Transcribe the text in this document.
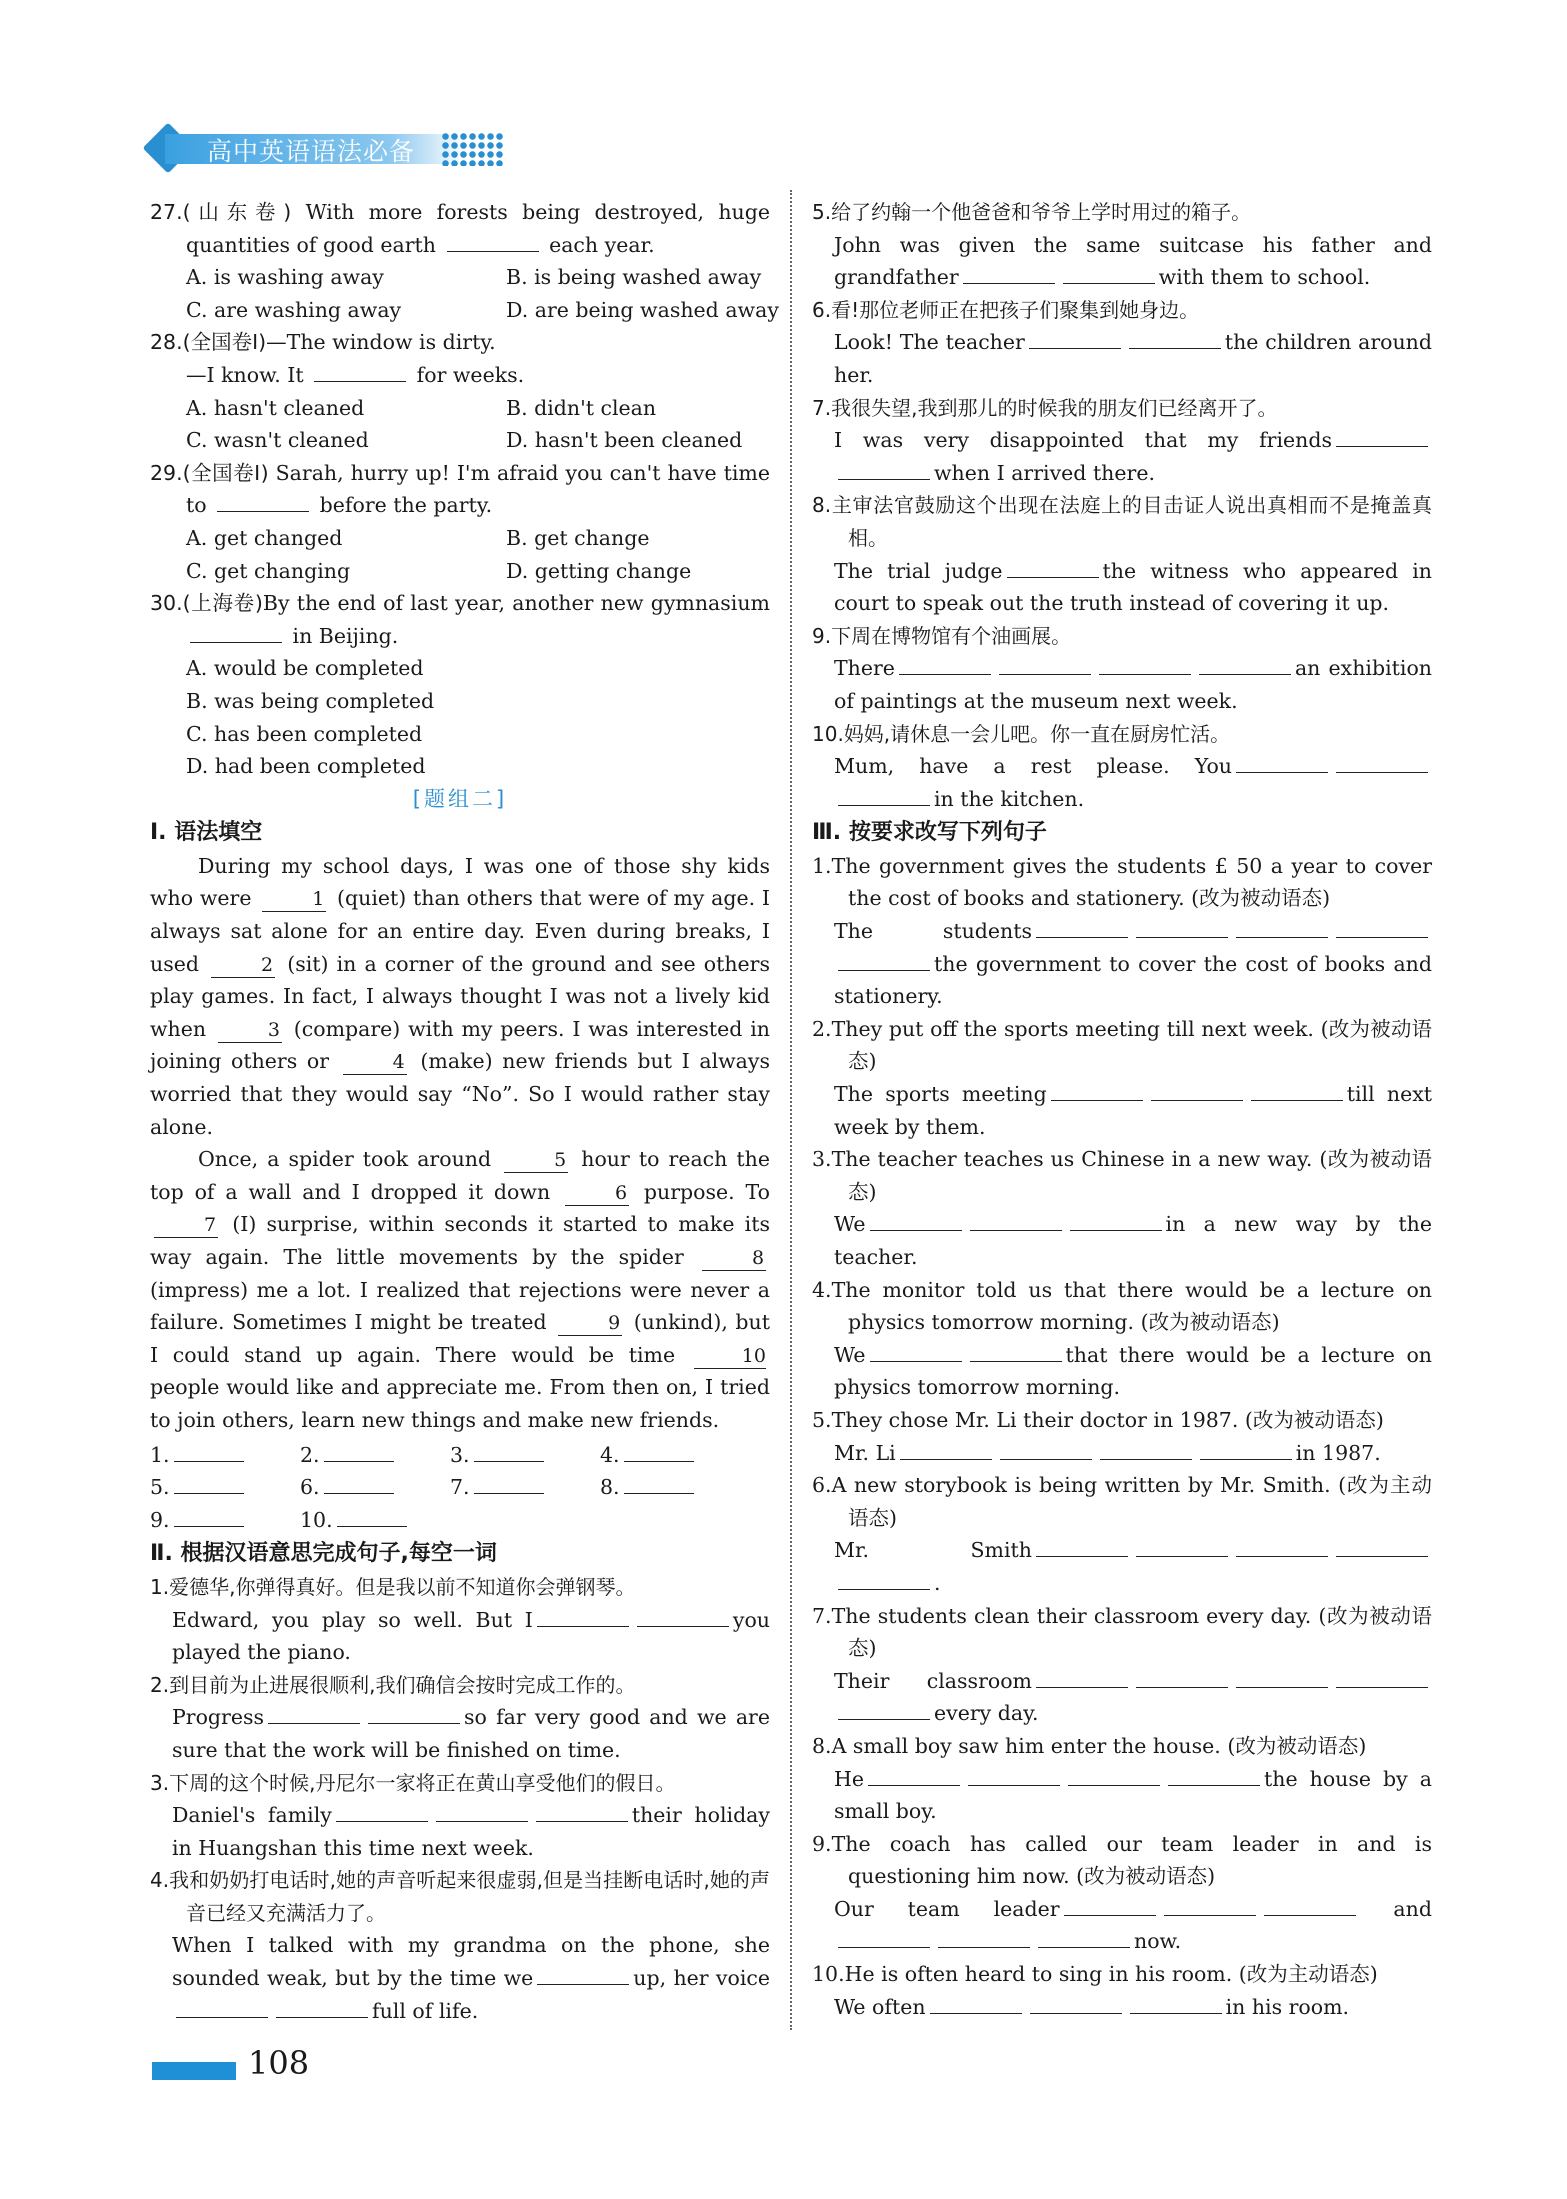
高中英语语法必备
27.(山东卷) With more forests being destroyed, huge quantities of good earth	each year.
A. is washing away	B. is being washed away
C. are washing away	D. are being washed away
28.(全国卷Ⅰ)—The window is dirty.
—I know. It	for weeks.
A. hasn't cleaned	B. didn't clean
C. wasn't cleaned	D. hasn't been cleaned
29.(全国卷Ⅰ) Sarah, hurry up! I'm afraid you can't have time to	before the party.
A. get changed	B. get change
C. get changing	D. getting change
30.(上海卷)By the end of last year, another new gymnasium  in Beijing.
A. would be completed
B. was being completed
C. has been completed
D. had been completed
[题组二]
Ⅰ. 语法填空
During my school days, I was one of those shy kids who were	1 (quiet) than others that were of my age. I always sat alone for an entire day. Even during breaks, I used	2 (sit) in a corner of the ground and see others play games. In fact, I always thought I was not a lively kid when	3 (compare) with my peers. I was interested in joining others or	4 (make) new friends but I always worried that they would say “No”. So I would rather stay alone.
Once, a spider took around	5 hour to reach the top of a wall and I dropped it down	6 purpose. To 7 (I) surprise, within seconds it started to make its way again. The little movements by the spider	8 (impress) me a lot. I realized that rejections were never a failure. Sometimes I might be treated	9 (unkind), but I could stand up again. There would be time	10 people would like and appreciate me. From then on, I tried to join others, learn new things and make new friends.
1.	2.	3.	4.
5.	6.	7.	8.
9.	10.
Ⅱ. 根据汉语意思完成句子,每空一词
1.爱德华,你弹得真好。但是我以前不知道你会弹钢琴。
Edward, you play so well. But I	you played the piano.
2.到目前为止进展很顺利,我们确信会按时完成工作的。
Progress	so far very good and we are sure that the work will be finished on time.
3.下周的这个时候,丹尼尔一家将正在黄山享受他们的假日。
Daniel's family	their holiday in Huangshan this time next week.
4.我和奶奶打电话时,她的声音听起来很虚弱,但是当挂断电话时,她的声音已经又充满活力了。
When I talked with my grandma on the phone, she sounded weak, but by the time we	up, her voicefull of life.
5.给了约翰一个他爸爸和爷爷上学时用过的箱子。
John was given the same suitcase his father and grandfather	with them to school.
6.看!那位老师正在把孩子们聚集到她身边。
Look! The teacher	the children around her.
7.我很失望,我到那儿的时候我的朋友们已经离开了。
I was very disappointed that my friendswhen I arrived there.
8.主审法官鼓励这个出现在法庭上的目击证人说出真相而不是掩盖真相。
The trial judge	the witness who appeared in court to speak out the truth instead of covering it up.
9.下周在博物馆有个油画展。
There	an exhibition of paintings at the museum next week.
10.妈妈,请休息一会儿吧。你一直在厨房忙活。
Mum, have a rest please. Youin the kitchen.
Ⅲ. 按要求改写下列句子
1.The government gives the students £ 50 a year to cover the cost of books and stationery. (改为被动语态)
The studentsthe government to cover the cost of books and stationery.
2.They put off the sports meeting till next week. (改为被动语态)
The sports meeting	till next week by them.
3.The teacher teaches us Chinese in a new way. (改为被动语态)
We	in a new way by the teacher.
4.The monitor told us that there would be a lecture on physics tomorrow morning. (改为被动语态)
We	that there would be a lecture on physics tomorrow morning.
5.They chose Mr. Li their doctor in 1987. (改为被动语态)
Mr. Li	in 1987.
6.A new storybook is being written by Mr. Smith. (改为主动语态)
Mr. Smith.
7.The students clean their classroom every day. (改为被动语态)
Their classroomevery day.
8.A small boy saw him enter the house. (改为被动语态)
He	the house by a small boy.
9.The coach has called our team leader in and is questioning him now. (改为被动语态)
Our team leader	andnow.
10.He is often heard to sing in his room. (改为主动语态)
We often	in his room.
108
